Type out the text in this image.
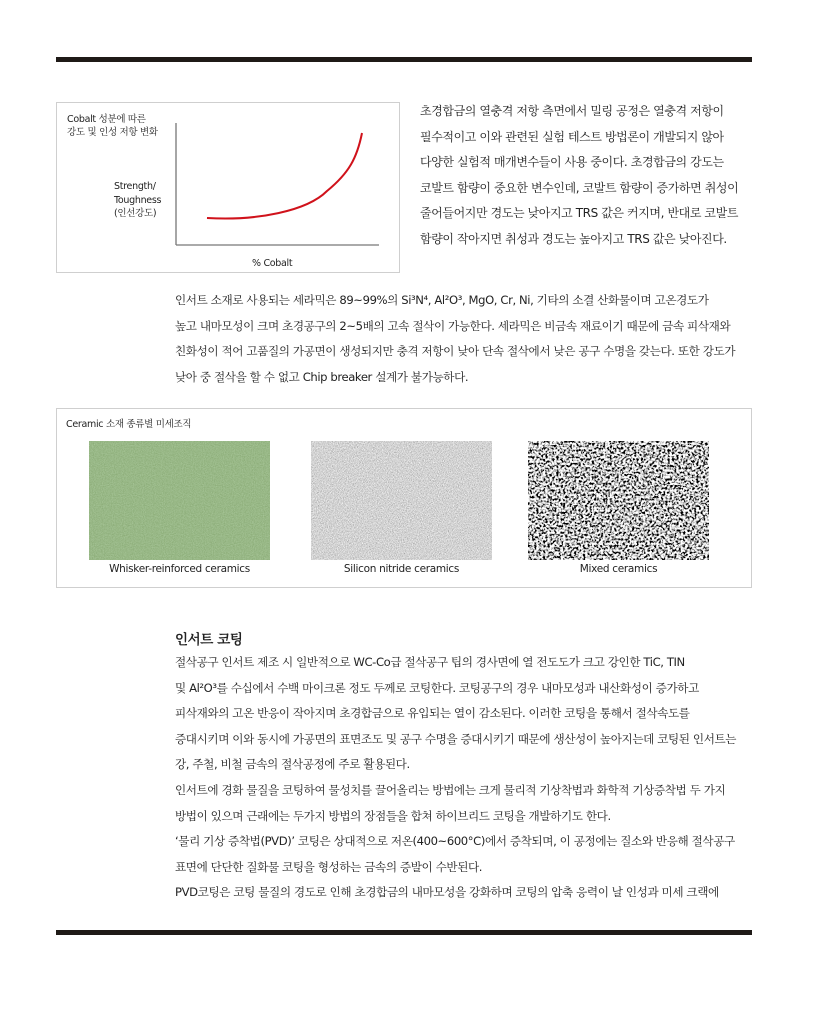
Cobalt 성분에 따른
강도 및 인성 저항 변화
Strength/
Toughness
(인선강도)
% Cobalt
초경합금의 열충격 저항 측면에서 밀링 공정은 열충격 저항이
필수적이고 이와 관련된 실험 테스트 방법론이 개발되지 않아
다양한 실험적 매개변수들이 사용 중이다. 초경합금의 강도는
코발트 함량이 중요한 변수인데, 코발트 함량이 증가하면 취성이
줄어들어지만 경도는 낮아지고 TRS 값은 커지며, 반대로 코발트
함량이 작아지면 취성과 경도는 높아지고 TRS 값은 낮아진다.
인서트 소재로 사용되는 세라믹은 89~99%의 Si³N⁴, Al²O³, MgO, Cr, Ni, 기타의 소결 산화물이며 고온경도가
높고 내마모성이 크며 초경공구의 2~5배의 고속 절삭이 가능한다. 세라믹은 비금속 재료이기 때문에 금속 피삭재와
친화성이 적어 고품질의 가공면이 생성되지만 충격 저항이 낮아 단속 절삭에서 낮은 공구 수명을 갖는다. 또한 강도가
낮아 중 절삭을 할 수 없고 Chip breaker 설계가 불가능하다.
Ceramic 소재 종류별 미세조직
Whisker-reinforced ceramics	Silicon nitride ceramics	Mixed ceramics
인서트 코팅
절삭공구 인서트 제조 시 일반적으로 WC-Co급 절삭공구 팁의 경사면에 열 전도도가 크고 강인한 TiC, TIN
및 Al²O³를 수십에서 수백 마이크론 정도 두께로 코팅한다. 코팅공구의 경우 내마모성과 내산화성이 증가하고
피삭재와의 고온 반응이 작아지며 초경합금으로 유입되는 열이 감소된다. 이러한 코팅을 통해서 절삭속도를
증대시키며 이와 동시에 가공면의 표면조도 및 공구 수명을 증대시키기 때문에 생산성이 높아지는데 코팅된 인서트는
강, 주철, 비철 금속의 절삭공정에 주로 활용된다.
인서트에 경화 물질을 코팅하여 물성치를 끌어올리는 방법에는 크게 물리적 기상착법과 화학적 기상증착법 두 가지
방법이 있으며 근래에는 두가지 방법의 장점들을 합쳐 하이브리드 코팅을 개발하기도 한다.
‘물리 기상 증착법(PVD)’ 코팅은 상대적으로 저온(400~600°C)에서 증착되며, 이 공정에는 질소와 반응해 절삭공구
표면에 단단한 질화물 코팅을 형성하는 금속의 증발이 수반된다.
PVD코팅은 코팅 물질의 경도로 인해 초경합금의 내마모성을 강화하며 코팅의 압축 응력이 날 인성과 미세 크랙에
